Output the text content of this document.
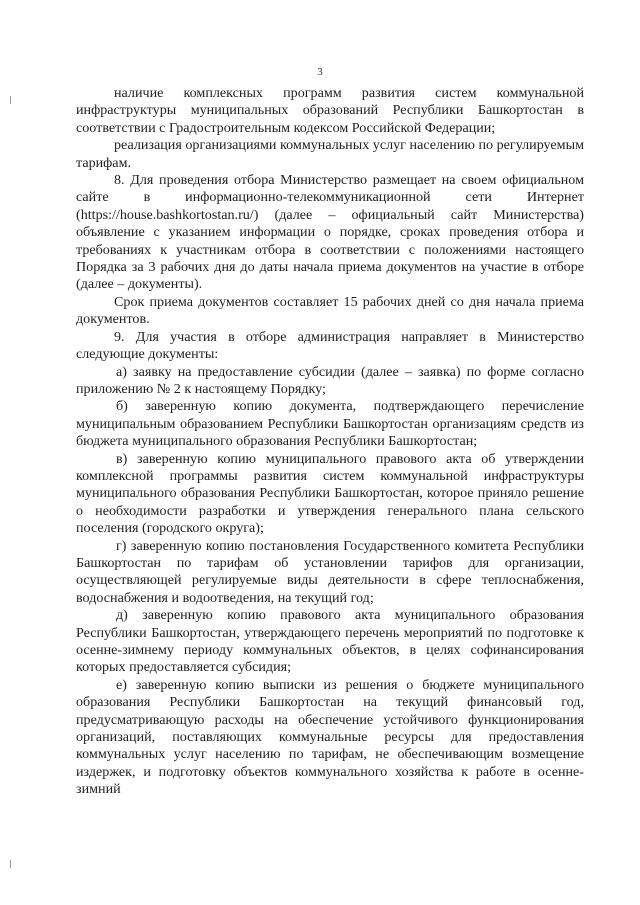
3

наличие комплексных программ развития систем коммунальной инфраструктуры муниципальных образований Республики Башкортостан в соответствии с Градостроительным кодексом Российской Федерации;

реализация организациями коммунальных услуг населению по регулируемым тарифам.

8. Для проведения отбора Министерство размещает на своем официальном сайте в информационно-телекоммуникационной сети Интернет (https://house.bashkortostan.ru/) (далее – официальный сайт Министерства) объявление с указанием информации о порядке, сроках проведения отбора и требованиях к участникам отбора в соответствии с положениями настоящего Порядка за 3 рабочих дня до даты начала приема документов на участие в отборе (далее – документы).

Срок приема документов составляет 15 рабочих дней со дня начала приема документов.

9. Для участия в отборе администрация направляет в Министерство следующие документы:

а) заявку на предоставление субсидии (далее – заявка) по форме согласно приложению № 2 к настоящему Порядку;

б) заверенную копию документа, подтверждающего перечисление муниципальным образованием Республики Башкортостан организациям средств из бюджета муниципального образования Республики Башкортостан;

в) заверенную копию муниципального правового акта об утверждении комплексной программы развития систем коммунальной инфраструктуры муниципального образования Республики Башкортостан, которое приняло решение о необходимости разработки и утверждения генерального плана сельского поселения (городского округа);

г) заверенную копию постановления Государственного комитета Республики Башкортостан по тарифам об установлении тарифов для организации, осуществляющей регулируемые виды деятельности в сфере теплоснабжения, водоснабжения и водоотведения, на текущий год;

д) заверенную копию правового акта муниципального образования Республики Башкортостан, утверждающего перечень мероприятий по подготовке к осенне-зимнему периоду коммунальных объектов, в целях софинансирования которых предоставляется субсидия;

е) заверенную копию выписки из решения о бюджете муниципального образования Республики Башкортостан на текущий финансовый год, предусматривающую расходы на обеспечение устойчивого функционирования организаций, поставляющих коммунальные ресурсы для предоставления коммунальных услуг населению по тарифам, не обеспечивающим возмещение издержек, и подготовку объектов коммунального хозяйства к работе в осенне-зимний
